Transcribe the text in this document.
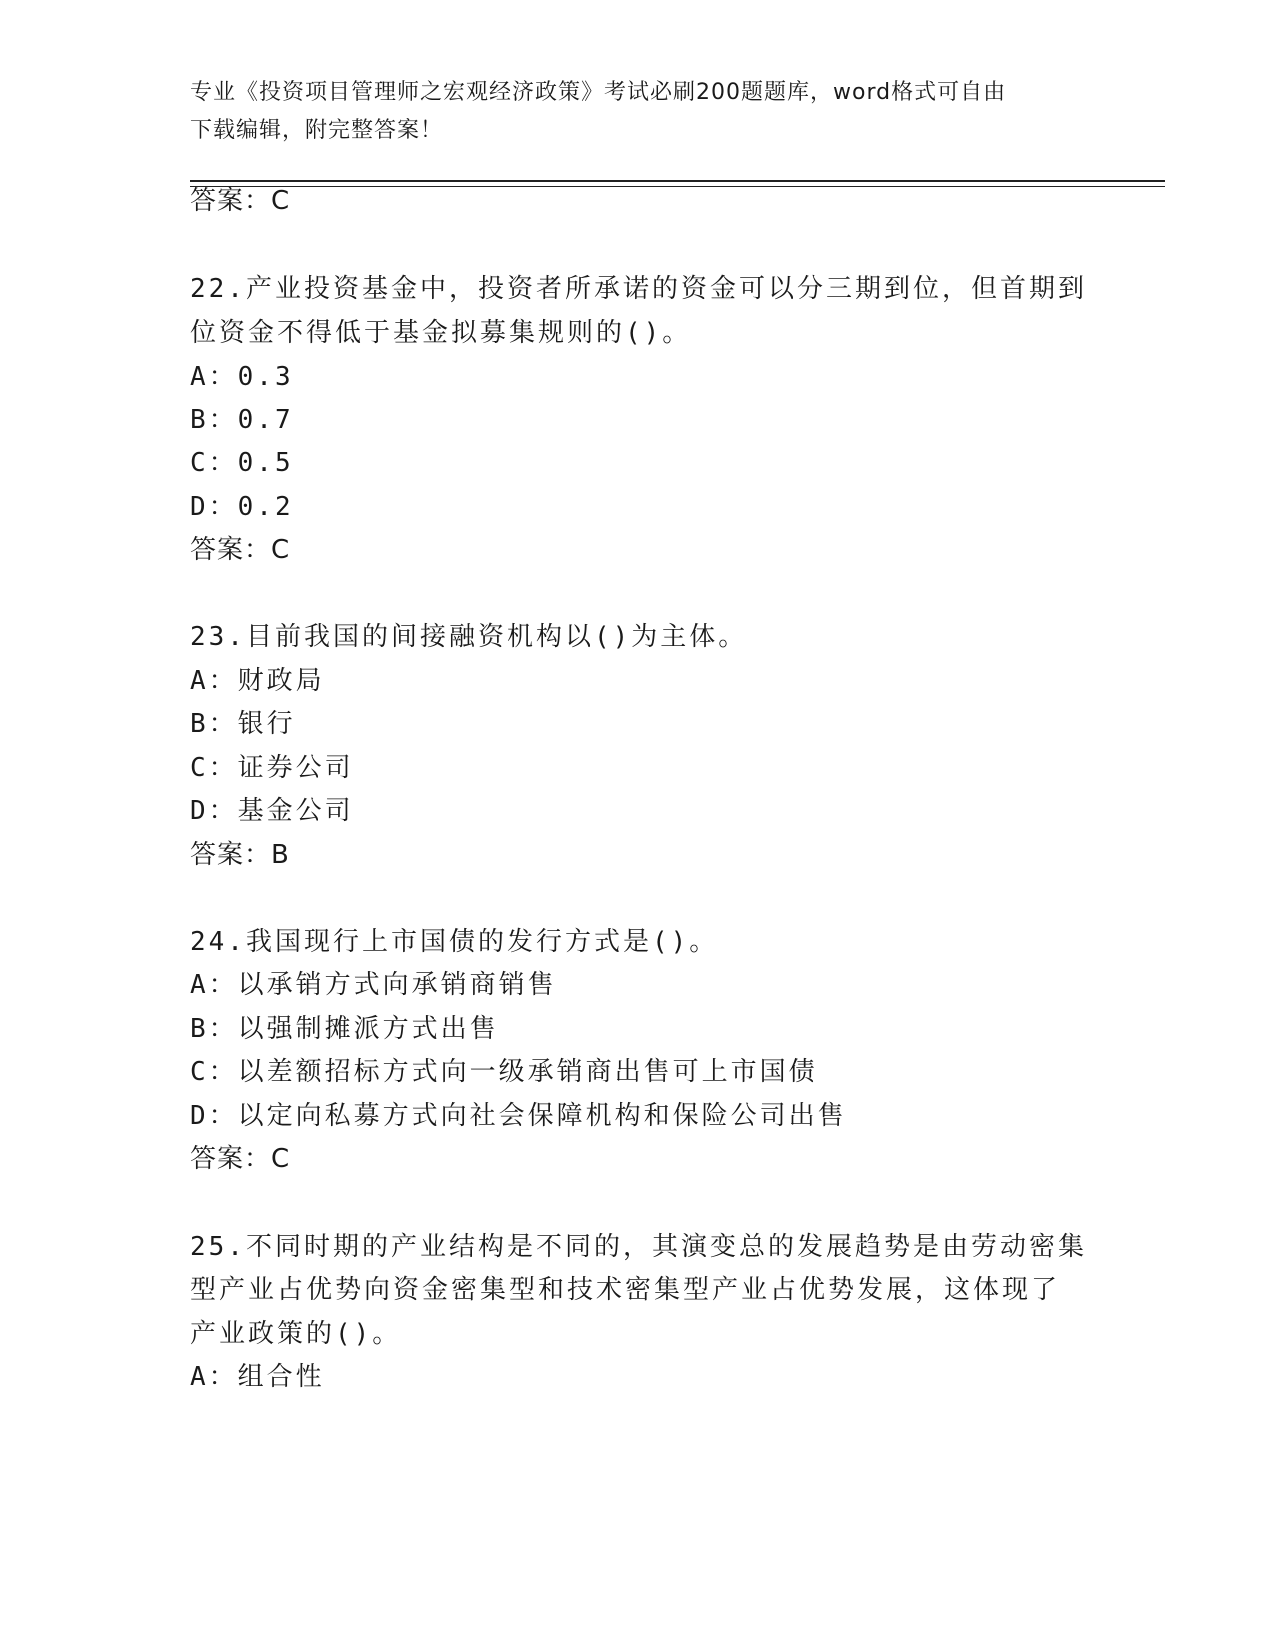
专业《投资项目管理师之宏观经济政策》考试必刷200题题库，word格式可自由
下载编辑，附完整答案！
答案：C
22.产业投资基金中，投资者所承诺的资金可以分三期到位，但首期到
位资金不得低于基金拟募集规则的()。
A：0.3
B：0.7
C：0.5
D：0.2
答案：C
23.目前我国的间接融资机构以()为主体。
A：财政局
B：银行
C：证券公司
D：基金公司
答案：B
24.我国现行上市国债的发行方式是()。
A：以承销方式向承销商销售
B：以强制摊派方式出售
C：以差额招标方式向一级承销商出售可上市国债
D：以定向私募方式向社会保障机构和保险公司出售
答案：C
25.不同时期的产业结构是不同的，其演变总的发展趋势是由劳动密集
型产业占优势向资金密集型和技术密集型产业占优势发展，这体现了
产业政策的()。
A：组合性
